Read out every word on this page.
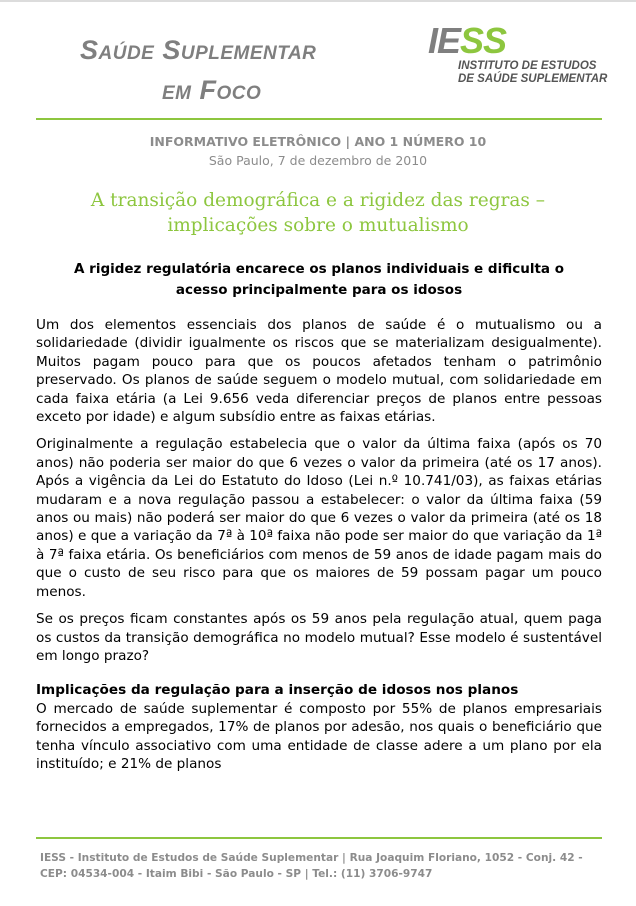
Saúde Suplementar
em Foco
IESS
INSTITUTO DE ESTUDOS
DE SAÚDE SUPLEMENTAR
INFORMATIVO ELETRÔNICO | ANO 1 NÚMERO 10
São Paulo, 7 de dezembro de 2010
A transição demográfica e a rigidez das regras –
implicações sobre o mutualismo
A rigidez regulatória encarece os planos individuais e dificulta o
acesso principalmente para os idosos

Um dos elementos essenciais dos planos de saúde é o mutualismo ou a solidariedade (dividir igualmente os riscos que se materializam desigualmente). Muitos pagam pouco para que os poucos afetados tenham o patrimônio preservado. Os planos de saúde seguem o modelo mutual, com solidariedade em cada faixa etária (a Lei 9.656 veda diferenciar preços de planos entre pessoas exceto por idade) e algum subsídio entre as faixas etárias.

Originalmente a regulação estabelecia que o valor da última faixa (após os 70 anos) não poderia ser maior do que 6 vezes o valor da primeira (até os 17 anos). Após a vigência da Lei do Estatuto do Idoso (Lei n.º 10.741/03), as faixas etárias mudaram e a nova regulação passou a estabelecer: o valor da última faixa (59 anos ou mais) não poderá ser maior do que 6 vezes o valor da primeira (até os 18 anos) e que a variação da 7ª à 10ª faixa não pode ser maior do que variação da 1ª à 7ª faixa etária. Os beneficiários com menos de 59 anos de idade pagam mais do que o custo de seu risco para que os maiores de 59 possam pagar um pouco menos.

Se os preços ficam constantes após os 59 anos pela regulação atual, quem paga os custos da transição demográfica no modelo mutual? Esse modelo é sustentável em longo prazo?

Implicações da regulação para a inserção de idosos nos planos

O mercado de saúde suplementar é composto por 55% de planos empresariais fornecidos a empregados, 17% de planos por adesão, nos quais o beneficiário que tenha vínculo associativo com uma entidade de classe adere a um plano por ela instituído; e 21% de planos

IESS - Instituto de Estudos de Saúde Suplementar | Rua Joaquim Floriano, 1052 - Conj. 42 -
CEP: 04534-004 - Itaim Bibi - São Paulo - SP | Tel.: (11) 3706-9747
